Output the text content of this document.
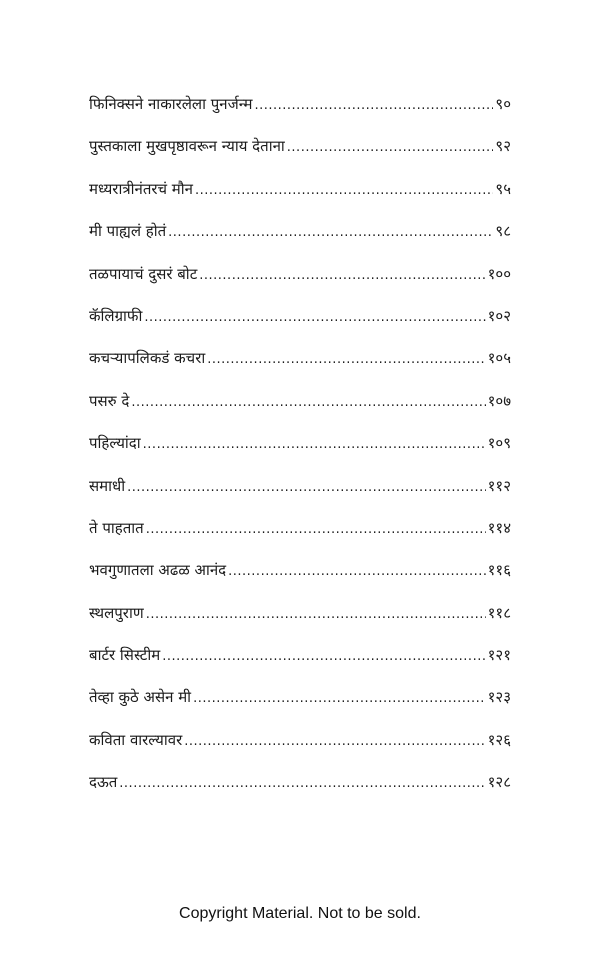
फिनिक्सने नाकारलेला पुनर्जन्म .....	९०
पुस्तकाला मुखपृष्ठावरून न्याय देताना .....	९२
मध्यरात्रीनंतरचं मौन .....	९५
मी पाह्यलं होतं .....	९८
तळपायाचं दुसरं बोट .....	१००
कॅलिग्राफी .....	१०२
कचऱ्यापलिकडं कचरा .....	१०५
पसरु दे .....	१०७
पहिल्यांदा .....	१०९
समाधी .....	११२
ते पाहतात .....	११४
भवगुणातला अढळ आनंद .....	११६
स्थलपुराण .....	११८
बार्टर सिस्टीम .....	१२१
तेव्हा कुठे असेन मी .....	१२३
कविता वारल्यावर .....	१२६
दऊत .....	१२८
Copyright Material. Not to be sold.
